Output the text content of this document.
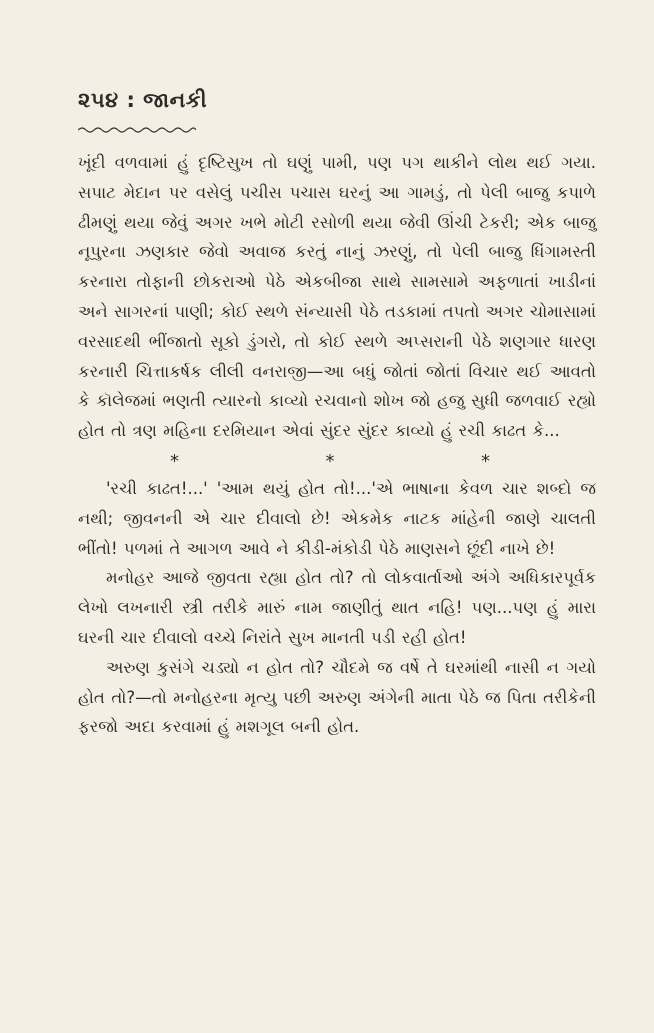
૨૫૪ : જાનકી

ખૂંદી વળવામાં હું દૃષ્ટિસુખ તો ઘણું પામી, પણ પગ થાકીને લોથ થઈ ગયા. સપાટ મેદાન પર વસેલું પચીસ પચાસ ઘરનું આ ગામડું, તો પેલી બાજુ કપાળે ઢીમણું થયા જેવું અગર ખભે મોટી રસોળી થયા જેવી ઊંચી ટેકરી; એક બાજુ નૂપુરના ઝણકાર જેવો અવાજ કરતું નાનું ઝરણું, તો પેલી બાજુ ધિંગામસ્તી કરનારા તોફાની છોકરાઓ પેઠે એકબીજા સાથે સામસામે અફળાતાં ખાડીનાં અને સાગરનાં પાણી; કોઈ સ્થળે સંન્યાસી પેઠે તડકામાં તપતો અગર ચોમાસામાં વરસાદથી ભીંજાતો સૂકો ડુંગરો, તો કોઈ સ્થળે અપ્સરાની પેઠે શણગાર ધારણ કરનારી ચિત્તાકર્ષક લીલી વનરાજી—આ બધું જોતાં જોતાં વિચાર થઈ આવતો કે કૉલેજમાં ભણતી ત્યારનો કાવ્યો રચવાનો શોખ જો હજુ સુધી જળવાઈ રહ્યો હોત તો ત્રણ મહિના દરમિયાન એવાં સુંદર સુંદર કાવ્યો હું રચી કાઢત કે...

*	*	*

'રચી કાઢત!...' 'આમ થયું હોત તો!...'એ ભાષાના કેવળ ચાર શબ્દો જ નથી; જીવનની એ ચાર દીવાલો છે! એકમેક નાટક માંહેની જાણે ચાલતી ભીંતો! પળમાં તે આગળ આવે ને કીડી-મંકોડી પેઠે માણસને છૂંદી નાખે છે!

મનોહર આજે જીવતા રહ્યા હોત તો? તો લોકવાર્તાઓ અંગે અધિકારપૂર્વક લેખો લખનારી સ્ત્રી તરીકે મારું નામ જાણીતું થાત નહિ! પણ...પણ હું મારા ઘરની ચાર દીવાલો વચ્ચે નિરાંતે સુખ માનતી પડી રહી હોત!

અરુણ કુસંગે ચડ્યો ન હોત તો? ચૌદમે જ વર્ષે તે ઘરમાંથી નાસી ન ગયો હોત તો?—તો મનોહરના મૃત્યુ પછી અરુણ અંગેની માતા પેઠે જ પિતા તરીકેની ફરજો અદા કરવામાં હું મશગૂલ બની હોત.
